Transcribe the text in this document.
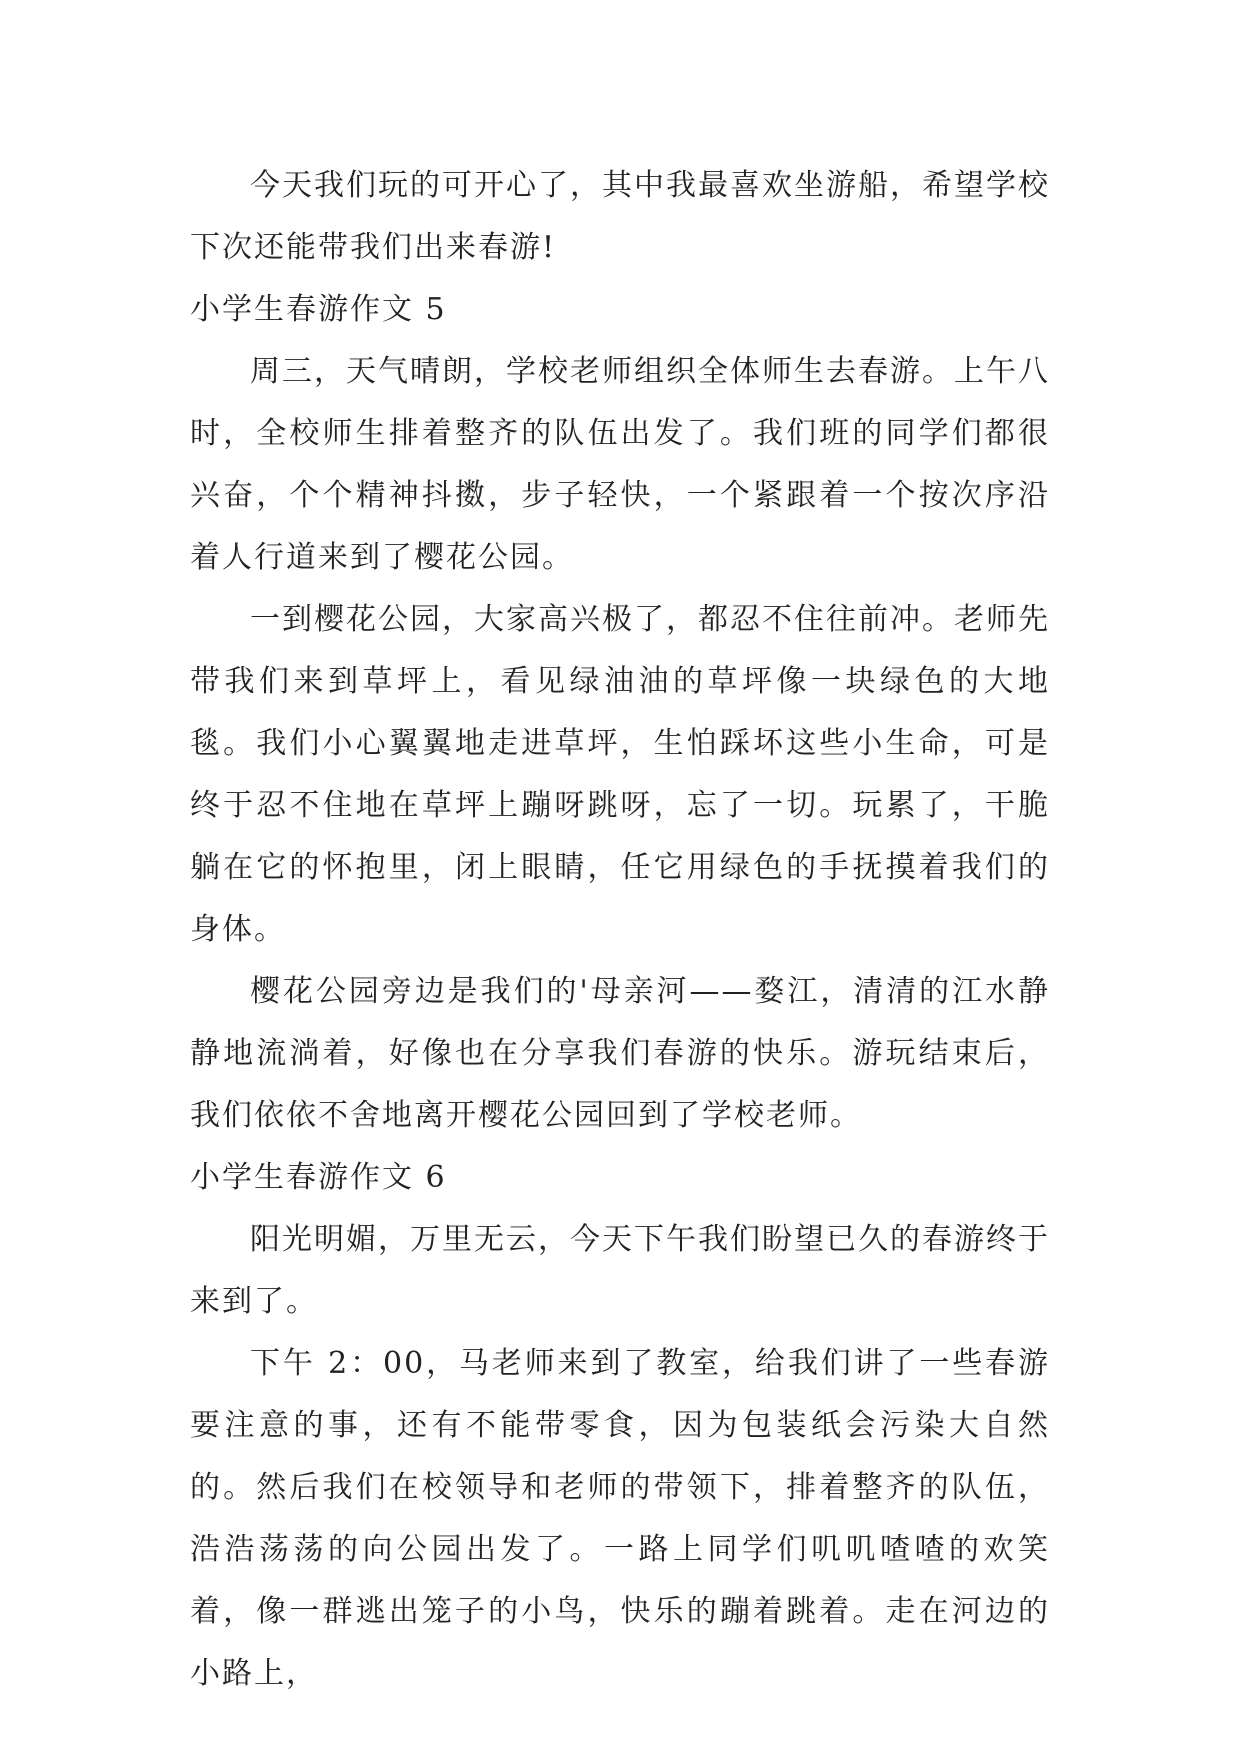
今天我们玩的可开心了，其中我最喜欢坐游船，希望学校下次还能带我们出来春游!

小学生春游作文 5

周三，天气晴朗，学校老师组织全体师生去春游。上午八时，全校师生排着整齐的队伍出发了。我们班的同学们都很兴奋，个个精神抖擞，步子轻快，一个紧跟着一个按次序沿着人行道来到了樱花公园。

一到樱花公园，大家高兴极了，都忍不住往前冲。老师先带我们来到草坪上，看见绿油油的草坪像一块绿色的大地毯。我们小心翼翼地走进草坪，生怕踩坏这些小生命，可是终于忍不住地在草坪上蹦呀跳呀，忘了一切。玩累了，干脆躺在它的怀抱里，闭上眼睛，任它用绿色的手抚摸着我们的身体。

樱花公园旁边是我们的'母亲河——婺江，清清的江水静静地流淌着，好像也在分享我们春游的快乐。游玩结束后，我们依依不舍地离开樱花公园回到了学校老师。

小学生春游作文 6

阳光明媚，万里无云，今天下午我们盼望已久的春游终于来到了。

下午 2：00，马老师来到了教室，给我们讲了一些春游要注意的事，还有不能带零食，因为包装纸会污染大自然的。然后我们在校领导和老师的带领下，排着整齐的队伍，浩浩荡荡的向公园出发了。一路上同学们叽叽喳喳的欢笑着，像一群逃出笼子的小鸟，快乐的蹦着跳着。走在河边的小路上，
